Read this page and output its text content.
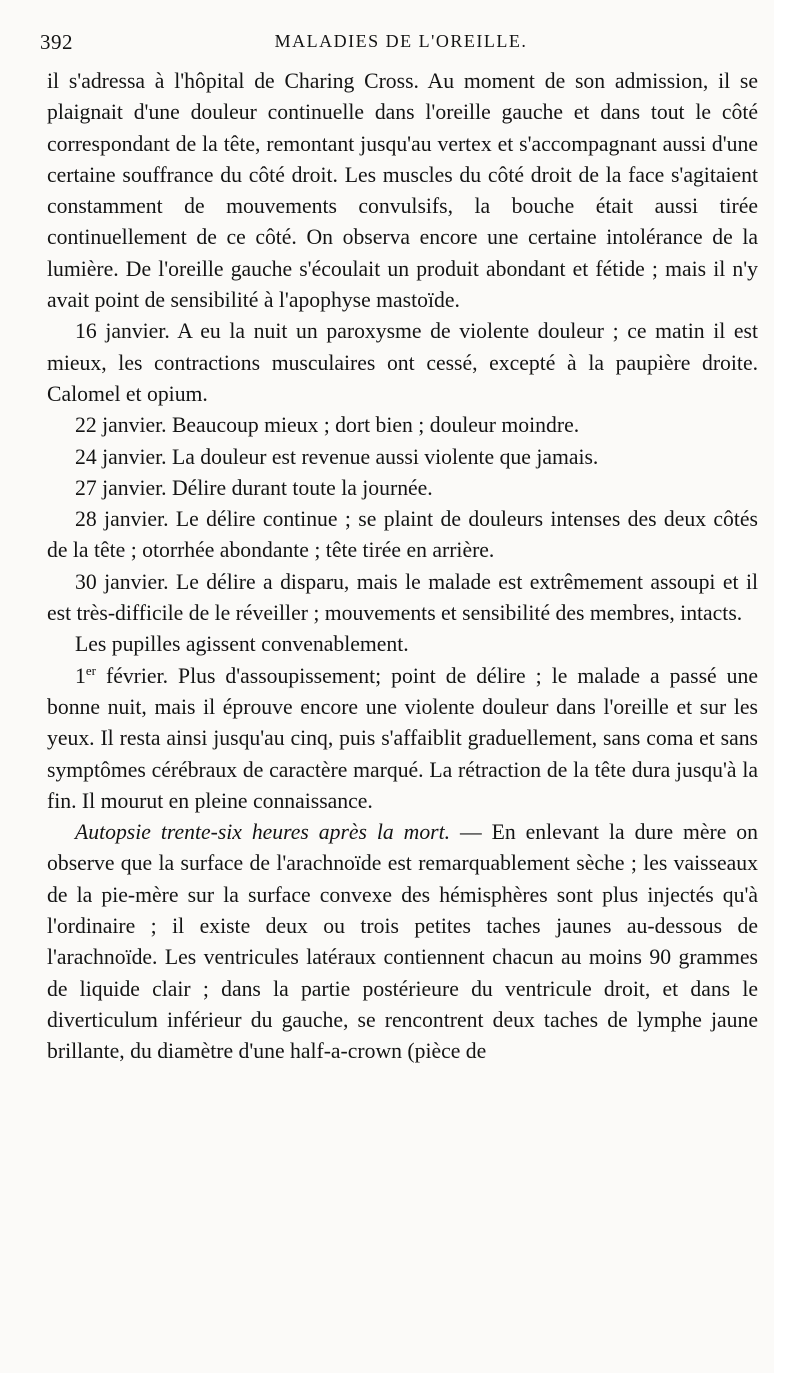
392	MALADIES DE L'OREILLE.

il s'adressa à l'hôpital de Charing Cross. Au moment de son admission, il se plaignait d'une douleur continuelle dans l'oreille gauche et dans tout le côté correspondant de la tête, remontant jusqu'au vertex et s'accompagnant aussi d'une certaine souffrance du côté droit. Les muscles du côté droit de la face s'agitaient constamment de mouvements convulsifs, la bouche était aussi tirée continuellement de ce côté. On observa encore une certaine intolérance de la lumière. De l'oreille gauche s'écoulait un produit abondant et fétide ; mais il n'y avait point de sensibilité à l'apophyse mastoïde.

16 janvier. A eu la nuit un paroxysme de violente douleur ; ce matin il est mieux, les contractions musculaires ont cessé, excepté à la paupière droite. Calomel et opium.

22 janvier. Beaucoup mieux ; dort bien ; douleur moindre.

24 janvier. La douleur est revenue aussi violente que jamais.

27 janvier. Délire durant toute la journée.

28 janvier. Le délire continue ; se plaint de douleurs intenses des deux côtés de la tête ; otorrhée abondante ; tête tirée en arrière.

30 janvier. Le délire a disparu, mais le malade est extrêmement assoupi et il est très-difficile de le réveiller ; mouvements et sensibilité des membres, intacts.

Les pupilles agissent convenablement.

1er février. Plus d'assoupissement; point de délire ; le malade a passé une bonne nuit, mais il éprouve encore une violente douleur dans l'oreille et sur les yeux. Il resta ainsi jusqu'au cinq, puis s'affaiblit graduellement, sans coma et sans symptômes cérébraux de caractère marqué. La rétraction de la tête dura jusqu'à la fin. Il mourut en pleine connaissance.

Autopsie trente-six heures après la mort. — En enlevant la dure mère on observe que la surface de l'arachnoïde est remarquablement sèche ; les vaisseaux de la pie-mère sur la surface convexe des hémisphères sont plus injectés qu'à l'ordinaire ; il existe deux ou trois petites taches jaunes au-dessous de l'arachnoïde. Les ventricules latéraux contiennent chacun au moins 90 grammes de liquide clair ; dans la partie postérieure du ventricule droit, et dans le diverticulum inférieur du gauche, se rencontrent deux taches de lymphe jaune brillante, du diamètre d'une half-a-crown (pièce de
